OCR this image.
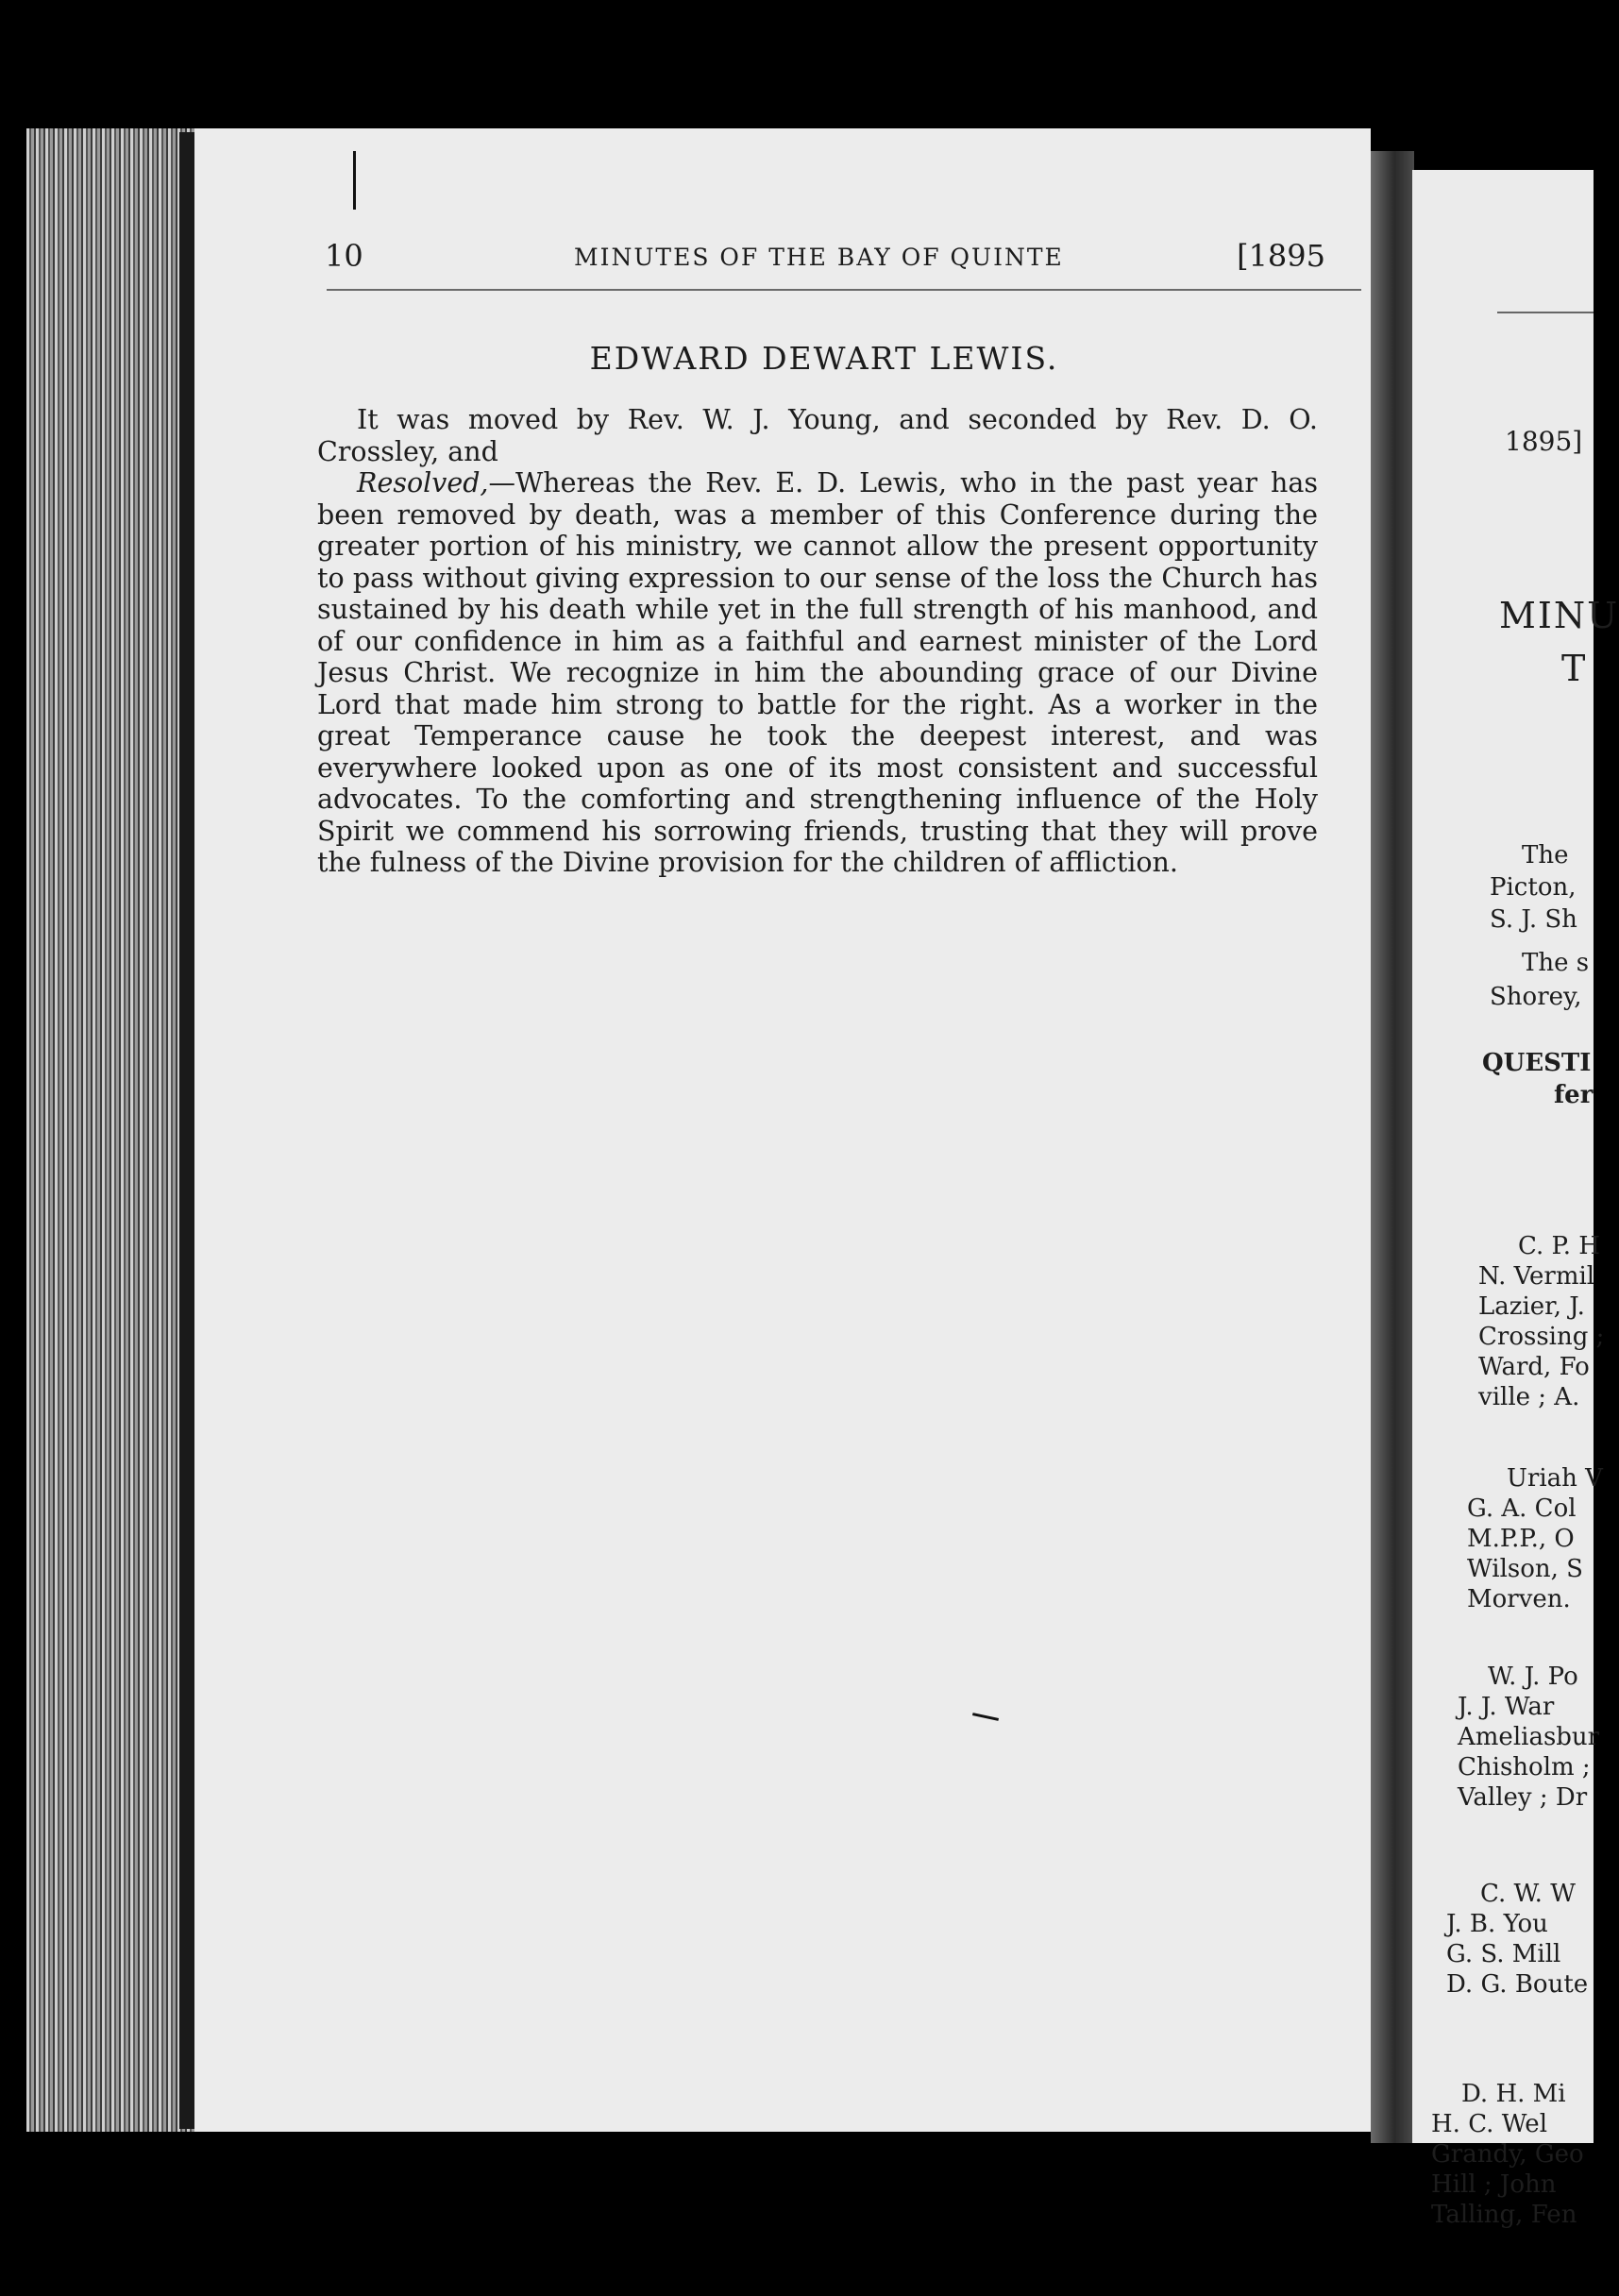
10	MINUTES OF THE BAY OF QUINTE	[1895
EDWARD DEWART LEWIS.

It was moved by Rev. W. J. Young, and seconded by Rev. D. O. Crossley, and

Resolved,—Whereas the Rev. E. D. Lewis, who in the past year has been removed by death, was a member of this Conference during the greater portion of his ministry, we cannot allow the present opportunity to pass without giving expression to our sense of the loss the Church has sustained by his death while yet in the full strength of his manhood, and of our confidence in him as a faithful and earnest minister of the Lord Jesus Christ. We recognize in him the abounding grace of our Divine Lord that made him strong to battle for the right. As a worker in the great Temperance cause he took the deepest interest, and was everywhere looked upon as one of its most consistent and successful advocates. To the comforting and strengthening influence of the Holy Spirit we commend his sorrowing friends, trusting that they will prove the fulness of the Divine provision for the children of affliction.

1895]
MINU
T
The
Picton,
S. J. Sh
The s
Shorey,
QUESTI
fer
C. P. H
N. Vermil
Lazier, J.
Crossing ;
Ward, Fo
ville ; A.
Uriah V
G. A. Col
M.P.P., O
Wilson, S
Morven.
W. J. Po
J. J. War
Ameliasbur
Chisholm ;
Valley ; Dr
C. W. W
J. B. You
G. S. Mill
D. G. Boute
D. H. Mi
H. C. Wel
Grandy, Geo
Hill ; John
Talling, Fen
